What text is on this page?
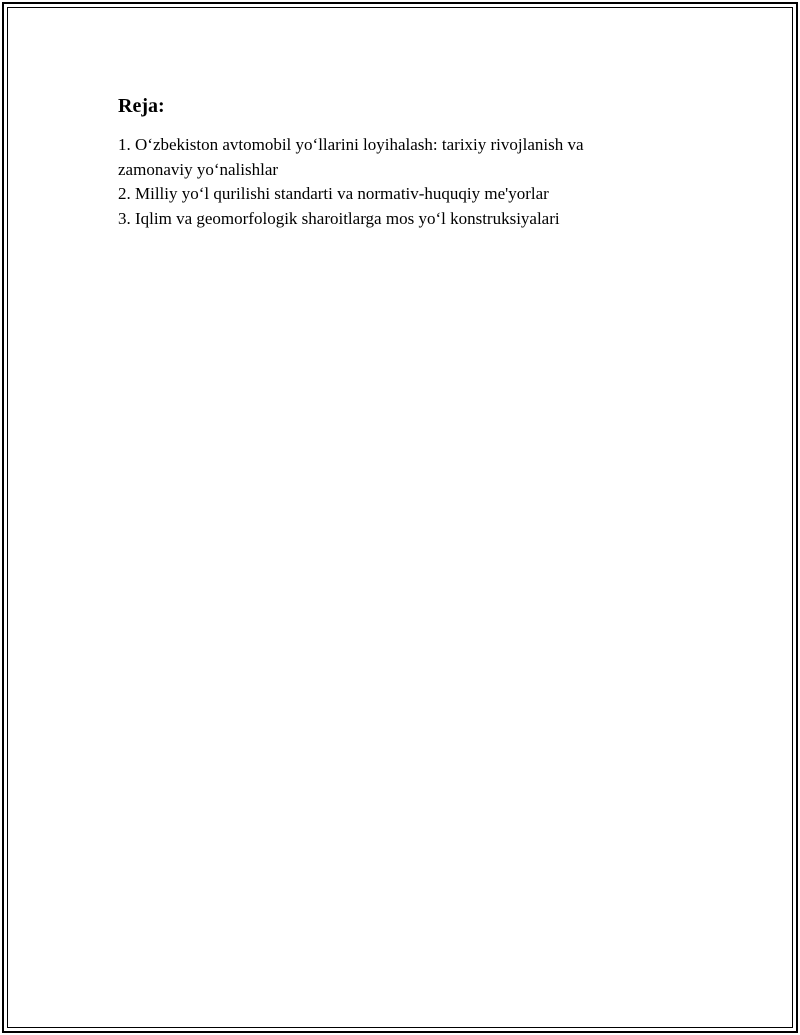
Reja:
1. O‘zbekiston avtomobil yo‘llarini loyihalash: tarixiy rivojlanish va zamonaviy yo‘nalishlar
2. Milliy yo‘l qurilishi standarti va normativ-huquqiy me'yorlar
3. Iqlim va geomorfologik sharoitlarga mos yo‘l konstruksiyalari
